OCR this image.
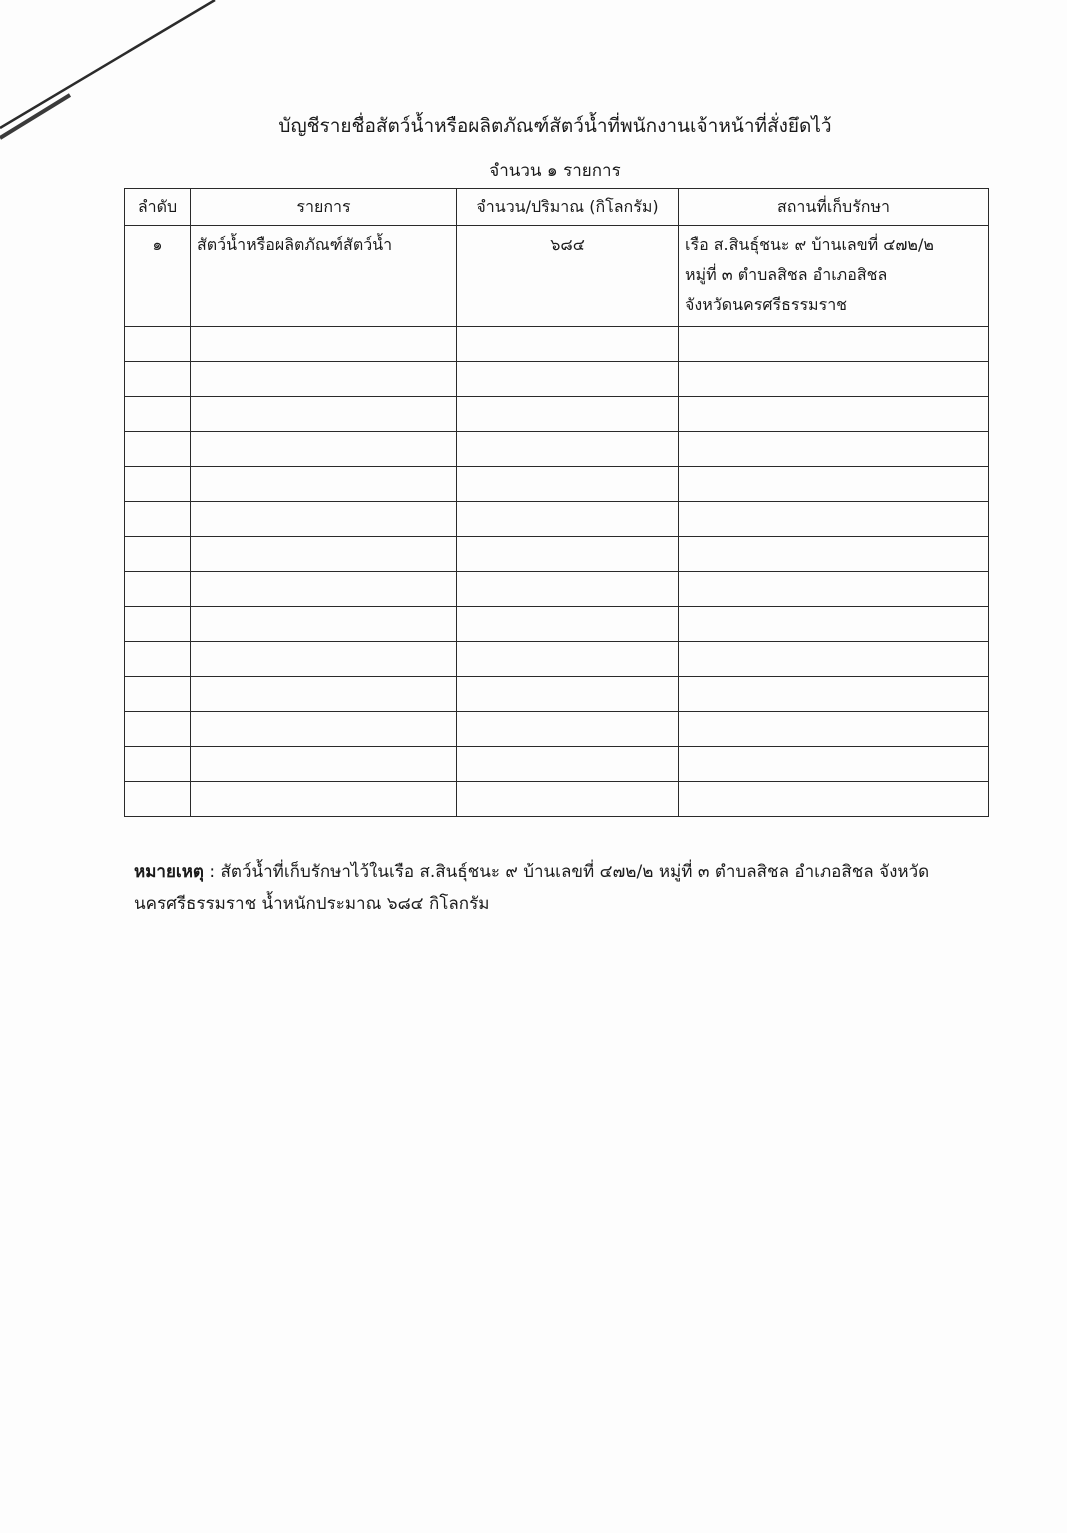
บัญชีรายชื่อสัตว์น้ำหรือผลิตภัณฑ์สัตว์น้ำที่พนักงานเจ้าหน้าที่สั่งยึดไว้
จำนวน ๑ รายการ
ลำดับ	รายการ	จำนวน/ปริมาณ (กิโลกรัม)	สถานที่เก็บรักษา
๑	สัตว์น้ำหรือผลิตภัณฑ์สัตว์น้ำ	๖๘๔	เรือ ส.สินธุ์ชนะ ๙ บ้านเลขที่ ๔๗๒/๒
หมู่ที่ ๓ ตำบลสิชล อำเภอสิชล
จังหวัดนครศรีธรรมราช

หมายเหตุ : สัตว์น้ำที่เก็บรักษาไว้ในเรือ ส.สินธุ์ชนะ ๙ บ้านเลขที่ ๔๗๒/๒ หมู่ที่ ๓ ตำบลสิชล อำเภอสิชล จังหวัดนครศรีธรรมราช น้ำหนักประมาณ ๖๘๔ กิโลกรัม
